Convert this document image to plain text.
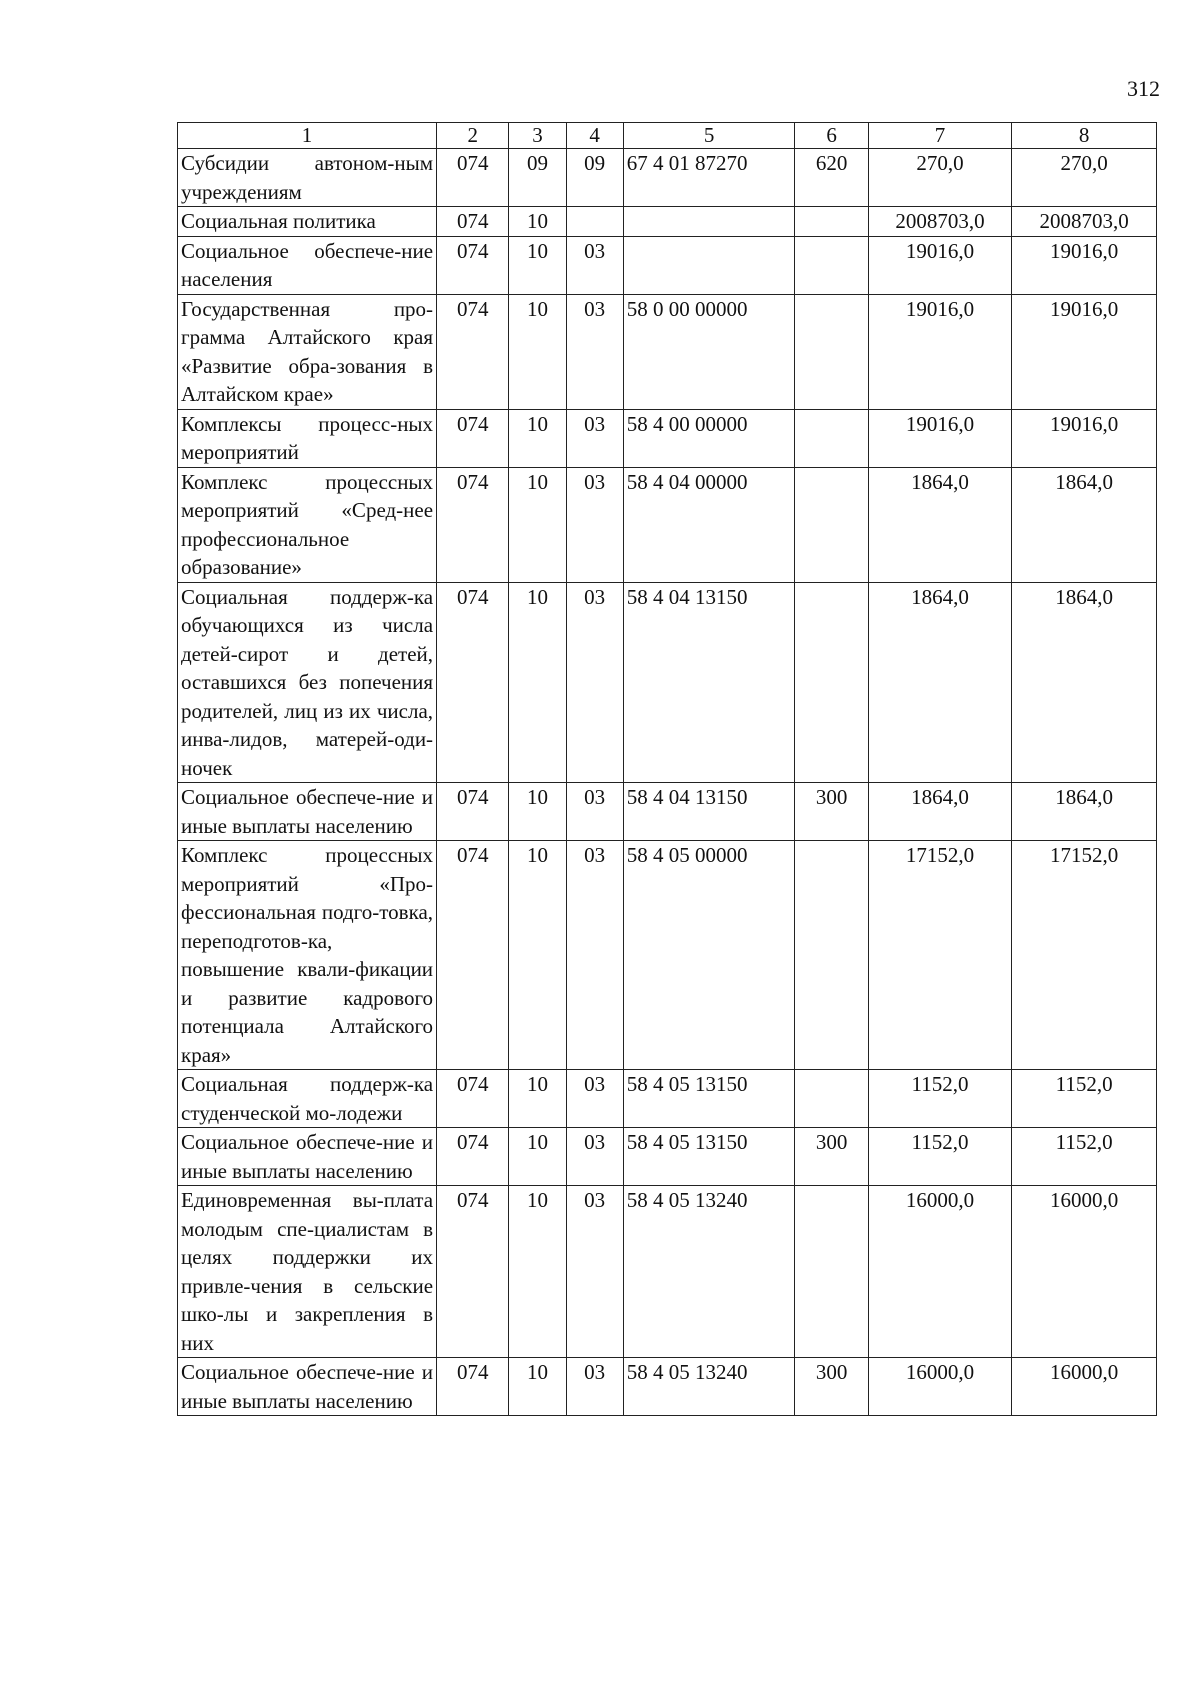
312
1	2	3	4	5	6	7	8
Субсидии автоном-ным учреждениям	074	09	09	67 4 01 87270	620	270,0	270,0
Социальная политика	074	10				2008703,0	2008703,0
Социальное обеспече-ние населения	074	10	03			19016,0	19016,0
Государственная про-грамма Алтайского края «Развитие обра-зования в Алтайском крае»	074	10	03	58 0 00 00000		19016,0	19016,0
Комплексы процесс-ных мероприятий	074	10	03	58 4 00 00000		19016,0	19016,0
Комплекс процессных мероприятий «Сред-нее профессиональное образование»	074	10	03	58 4 04 00000		1864,0	1864,0
Социальная поддерж-ка обучающихся из числа детей-сирот и детей, оставшихся без попечения родителей, лиц из их числа, инва-лидов, матерей-оди-ночек	074	10	03	58 4 04 13150		1864,0	1864,0
Социальное обеспече-ние и иные выплаты населению	074	10	03	58 4 04 13150	300	1864,0	1864,0
Комплекс процессных мероприятий «Про-фессиональная подго-товка, переподготов-ка, повышение квали-фикации и развитие кадрового потенциала Алтайского края»	074	10	03	58 4 05 00000		17152,0	17152,0
Социальная поддерж-ка студенческой мо-лодежи	074	10	03	58 4 05 13150		1152,0	1152,0
Социальное обеспече-ние и иные выплаты населению	074	10	03	58 4 05 13150	300	1152,0	1152,0
Единовременная вы-плата молодым спе-циалистам в целях поддержки их привле-чения в сельские шко-лы и закрепления в них	074	10	03	58 4 05 13240		16000,0	16000,0
Социальное обеспече-ние и иные выплаты населению	074	10	03	58 4 05 13240	300	16000,0	16000,0
